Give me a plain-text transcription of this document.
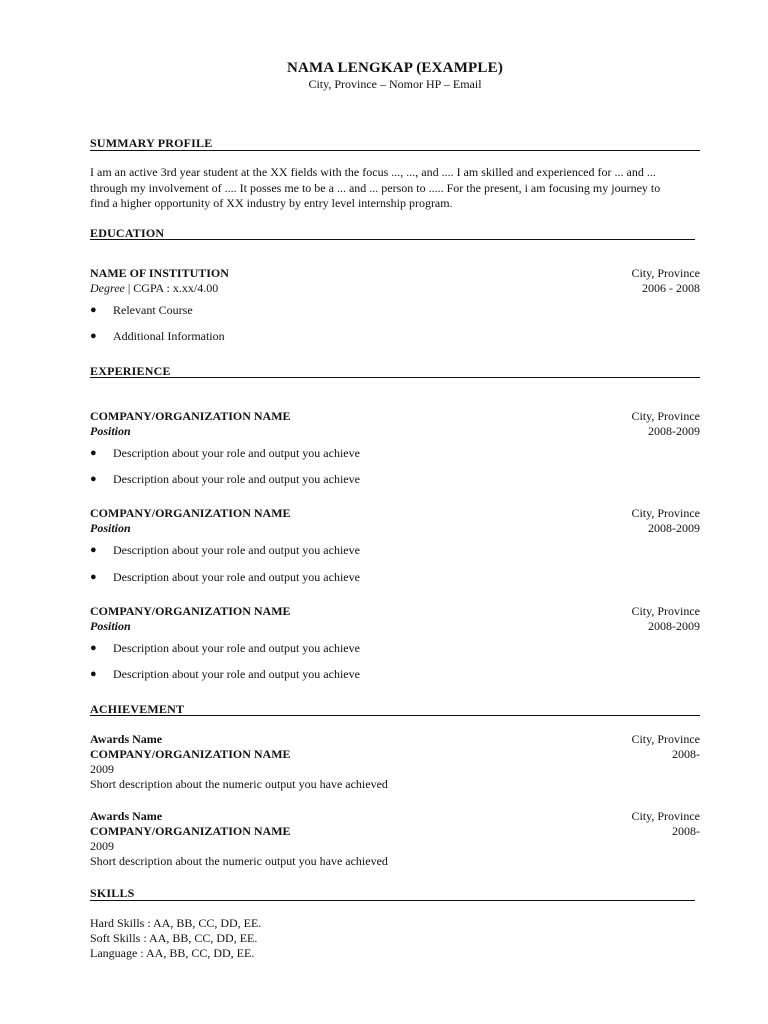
NAMA LENGKAP (EXAMPLE)
City, Province – Nomor HP – Email
SUMMARY PROFILE
I am an active 3rd year student at the XX fields with the focus ..., ..., and .... I am skilled and experienced for ... and ...
through my involvement of .... It posses me to be a ... and ... person to ..... For the present, i am focusing my journey to
find a higher opportunity of XX industry by entry level internship program.
EDUCATION
NAME OF INSTITUTION	City, Province
Degree | CGPA : x.xx/4.00	2006 - 2008
● Relevant Course
● Additional Information
EXPERIENCE
COMPANY/ORGANIZATION NAME	City, Province
Position	2008-2009
● Description about your role and output you achieve
● Description about your role and output you achieve
COMPANY/ORGANIZATION NAME	City, Province
Position	2008-2009
● Description about your role and output you achieve
● Description about your role and output you achieve
COMPANY/ORGANIZATION NAME	City, Province
Position	2008-2009
● Description about your role and output you achieve
● Description about your role and output you achieve
ACHIEVEMENT
Awards Name	City, Province
COMPANY/ORGANIZATION NAME	2008-
2009
Short description about the numeric output you have achieved
Awards Name	City, Province
COMPANY/ORGANIZATION NAME	2008-
2009
Short description about the numeric output you have achieved
SKILLS
Hard Skills : AA, BB, CC, DD, EE.
Soft Skills : AA, BB, CC, DD, EE.
Language : AA, BB, CC, DD, EE.
